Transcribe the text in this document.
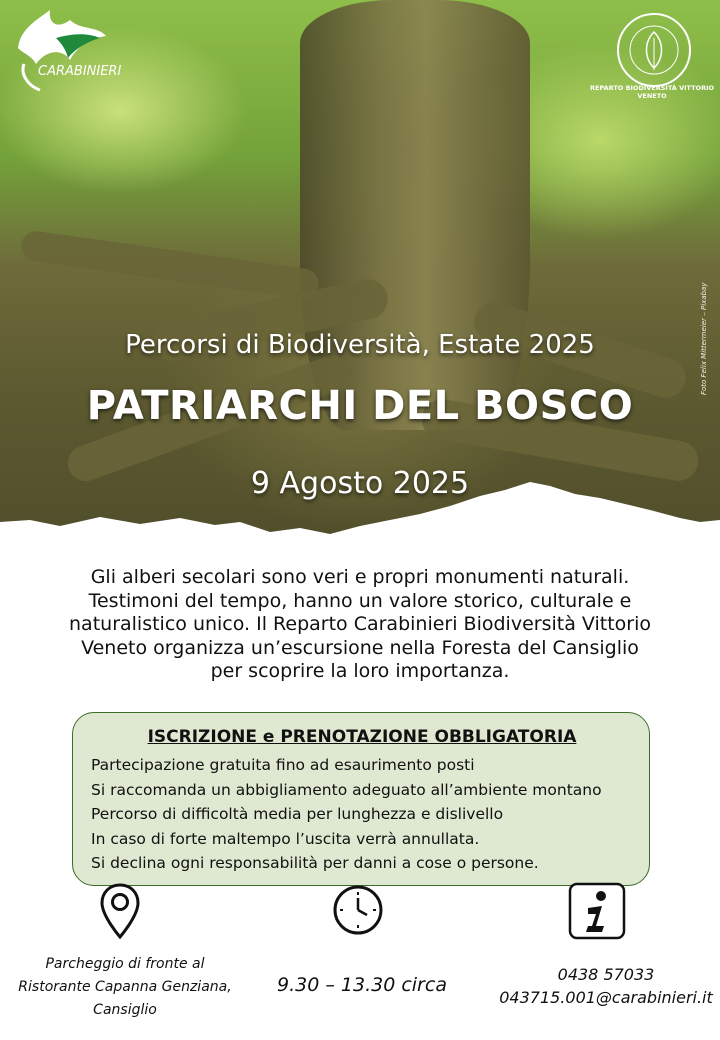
CARABINIERI
REPARTO BIODIVERSITÀ VITTORIO VENETO
Foto Felix Mittermeier – Pixabay
Percorsi di Biodiversità, Estate 2025
PATRIARCHI DEL BOSCO
9 Agosto 2025
Gli alberi secolari sono veri e propri monumenti naturali.
Testimoni del tempo, hanno un valore storico, culturale e
naturalistico unico. Il Reparto Carabinieri Biodiversità Vittorio
Veneto organizza un’escursione nella Foresta del Cansiglio
per scoprire la loro importanza.
ISCRIZIONE e PRENOTAZIONE OBBLIGATORIA
Partecipazione gratuita fino ad esaurimento posti
Si raccomanda un abbigliamento adeguato all’ambiente montano
Percorso di difficoltà media per lunghezza e dislivello
In caso di forte maltempo l’uscita verrà annullata.
Si declina ogni responsabilità per danni a cose o persone.
Parcheggio di fronte al
Ristorante Capanna Genziana,
Cansiglio
9.30 – 13.30 circa	0438 57033
043715.001@carabinieri.it
